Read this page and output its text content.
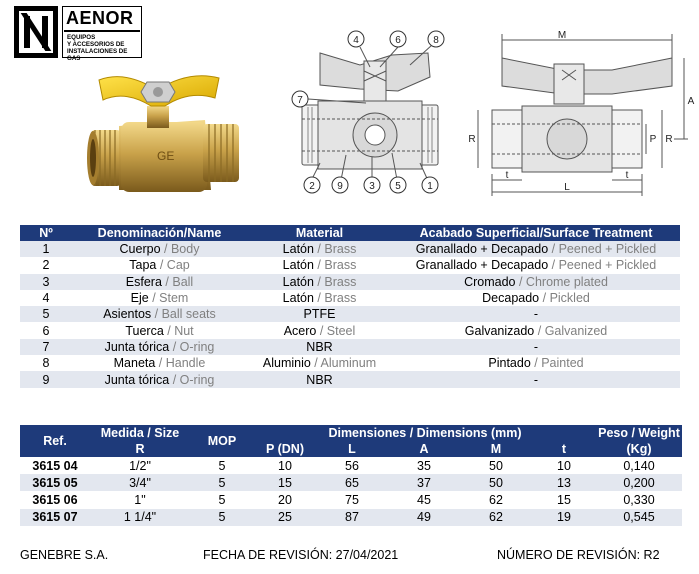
AENOR
EQUIPOS
Y ACCESORIOS DE
INSTALACIONES DE GAS
GE
4	6	8
7
2 9	3 5	1
M
A
R	P R
t	t
L
Nº	Denominación/Name	Material	Acabado Superficial/Surface Treatment
1	Cuerpo / Body	Latón / Brass	Granallado + Decapado / Peened + Pickled
2	Tapa / Cap	Latón / Brass	Granallado + Decapado / Peened + Pickled
3	Esfera / Ball	Latón / Brass	Cromado / Chrome plated
4	Eje / Stem	Latón / Brass	Decapado / Pickled
5	Asientos / Ball seats	PTFE	-
6	Tuerca / Nut	Acero / Steel	Galvanizado / Galvanized
7	Junta tórica / O-ring	NBR	-
8	Maneta / Handle	Aluminio / Aluminum	Pintado / Painted
9	Junta tórica / O-ring	NBR	-
Ref.	Medida / Size	MOP	Dimensiones / Dimensions (mm)					Peso / Weight
	R		P (DN)	L	A	M	t	(Kg)
3615 04	1/2"	5	10	56	35	50	10	0,140
3615 05	3/4"	5	15	65	37	50	13	0,200
3615 06	1"	5	20	75	45	62	15	0,330
3615 07	1 1/4"	5	25	87	49	62	19	0,545
GENEBRE S.A.	FECHA DE REVISIÓN: 27/04/2021	NÚMERO DE REVISIÓN: R2
